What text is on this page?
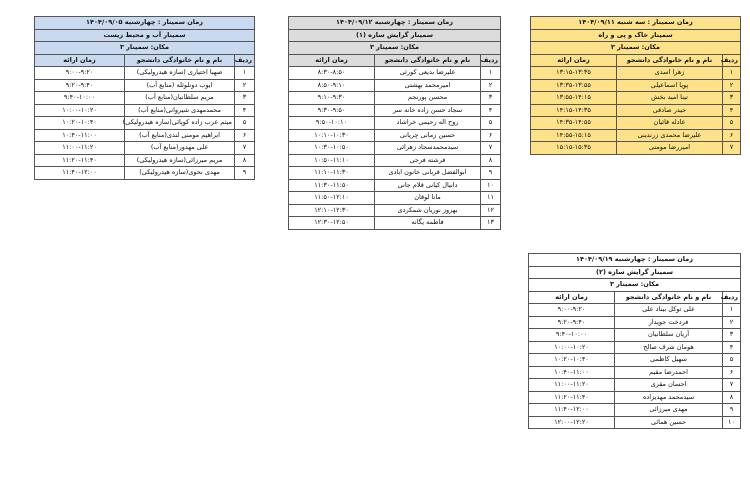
زمان سمینار : چهارشنبه ۱۴۰۴/۰۹/۰۵		
سمینار آب و محیط زیست		
مکان: سمینار ۳		
ردیف	نام و نام خانوادگی دانشجو	زمان ارائه
۱	صهبا اختیاری (سازه هیدرولیکی)	۹:۰۰-۹:۲۰
۲	ایوب دونلوئله (منابع آب)	۹:۲۰-۹:۴۰
۳	مریم سلطانیان(منابع آب)	۹:۴۰-۱۰:۰۰
۴	محمدمهدی شیروانی(منابع آب)	۱۰:۰۰-۱۰:۲۰
۵	میثم عرب زاده کوپائی(سازه هیدرولیکی)	۱۰:۲۰-۱۰:۴۰
۶	ابراهیم مومنی لندی(منابع آب)	۱۰:۴۰-۱۱:۰۰
۷	علی مهدور(منابع آب)	۱۱:۰۰-۱۱:۲۰
۸	مریم میرزائی(سازه هیدرولیکی)	۱۱:۲۰-۱۱:۴۰
۹	مهدی نحوی(سازه هیدرولیکی)	۱۱:۴۰-۱۲:۰۰
زمان سمینار : چهارشنبه ۱۴۰۴/۰۹/۱۲		
سمینار گرایش سازه (۱)		
مکان: سمینار ۳		
ردیف	نام و نام خانوادگی دانشجو	زمان ارائه
۱	علیرضا بدیعی کورئی	۸:۳۰-۸:۵۰
۲	امیرمحمد بهشتی	۸:۵۰-۹:۱۰
۳	محسن پورنجم	۹:۱۰-۹:۳۰
۴	سجاد حسن زاده خانه سر	۹:۳۰-۹:۵۰
۵	روح اله رحیمی خراشاد	۹:۵۰-۱۰:۱۰
۶	حسین زمانی چریانی	۱۰:۱۰-۱۰:۳۰
۷	سیدمحمدسجاد زهرائی	۱۰:۳۰-۱۰:۵۰
۸	فرشته فرجی	۱۰:۵۰-۱۱:۱۰
۹	ابوالفضل قربانی خانون ابادی	۱۱:۱۰-۱۱:۳۰
۱۰	دانیال کیانی قلام جانی	۱۱:۳۰-۱۱:۵۰
۱۱	مانا لوقان	۱۱:۵۰-۱۲:۱۰
۱۲	بهروز نوریان شمکردی	۱۲:۱۰-۱۲:۳۰
۱۳	فاطمه یگانه	۱۲:۳۰-۱۲:۵۰
زمان سمینار : سه شنبه ۱۴۰۴/۰۹/۱۱		
سمینار خاک و پی و راه		
مکان: سمینار ۳		
ردیف	نام و نام خانوادگی دانشجو	زمان ارائه
۱	زهرا اسدی	۱۳:۱۵-۱۳:۳۵
۲	پویا اسماعیلی	۱۳:۳۵-۱۳:۵۵
۳	تینا امید بخش	۱۳:۵۵-۱۴:۱۵
۴	حیدر صادقی	۱۴:۱۵-۱۴:۳۵
۵	عادله قائیان	۱۴:۳۵-۱۴:۵۵
۶	علیرضا محمدی زرندینی	۱۴:۵۵-۱۵:۱۵
۷	امیررضا مومنی	۱۵:۱۵-۱۵:۳۵
زمان سمینار : چهارشنبه ۱۴۰۴/۰۹/۱۹		
سمینار گرایش سازه (۲)		
مکان: سمینار ۳		
ردیف	نام و نام خانوادگی دانشجو	زمان ارائه
۱	علی توکل بیناد علی	۹:۰۰-۹:۲۰
۲	فردخت جویدار	۹:۲۰-۹:۴۰
۳	آریان سلطانیان	۹:۴۰-۱۰:۰۰
۴	هومان شرف صالح	۱۰:۰۰-۱۰:۲۰
۵	سهیل کاظمی	۱۰:۲۰-۱۰:۴۰
۶	احمدرضا مقیم	۱۰:۴۰-۱۱:۰۰
۷	احسان مقری	۱۱:۰۰-۱۱:۲۰
۸	سیدمحمد مهدیزاده	۱۱:۲۰-۱۱:۴۰
۹	مهدی میرزائی	۱۱:۴۰-۱۲:۰۰
۱۰	حسین همائی	۱۲:۰۰-۱۲:۲۰
